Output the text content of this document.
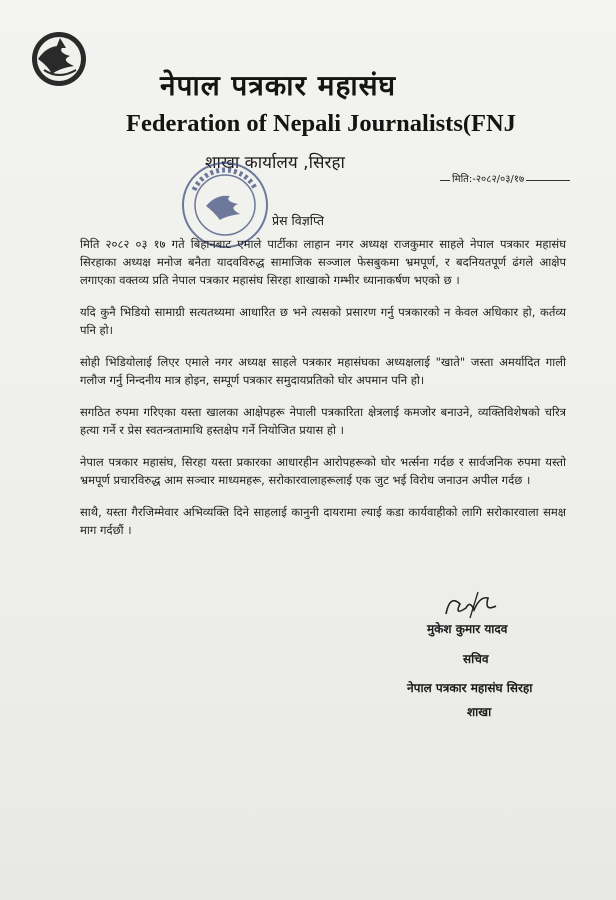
नेपाल पत्रकार महासंघ
Federation of Nepali Journalists(FNJ
शाखा कार्यालय ,सिरहा
मिति:-२०८२/०३/१७
प्रेस विज्ञप्ति

मिति २०८२ ०३ १७ गते बिहानबाट एमाले पार्टीका लाहान नगर अध्यक्ष राजकुमार साहले नेपाल पत्रकार महासंघ सिरहाका अध्यक्ष मनोज बनैता यादवविरुद्ध सामाजिक सञ्जाल फेसबुकमा भ्रमपूर्ण, र बदनियतपूर्ण ढंगले आक्षेप लगाएका वक्तव्य प्रति नेपाल पत्रकार महासंघ सिरहा शाखाको गम्भीर ध्यानाकर्षण भएको छ ।

यदि कुनै भिडियो सामाग्री सत्यतथ्यमा आधारित छ भने त्यसको प्रसारण गर्नु पत्रकारको न केवल अधिकार हो, कर्तव्य पनि हो।

सोही भिडियोलाई लिएर एमाले नगर अध्यक्ष साहले पत्रकार महासंघका अध्यक्षलाई "खाते" जस्ता अमर्यादित गाली गलौज गर्नु निन्दनीय मात्र होइन, सम्पूर्ण पत्रकार समुदायप्रतिको घोर अपमान पनि हो।

सगठित रुपमा गरिएका यस्ता खालका आक्षेपहरू नेपाली पत्रकारिता क्षेत्रलाई कमजोर बनाउने, व्यक्तिविशेषको चरित्र हत्या गर्ने र प्रेस स्वतन्त्रतामाथि हस्तक्षेप गर्ने नियोजित प्रयास हो ।

नेपाल पत्रकार महासंघ, सिरहा यस्ता प्रकारका आधारहीन आरोपहरूको घोर भर्त्सना गर्दछ र सार्वजनिक रुपमा यस्तो भ्रमपूर्ण प्रचारविरुद्ध आम सञ्चार माध्यमहरू, सरोकारवालाहरूलाई एक जुट भई विरोध जनाउन अपील गर्दछ ।

साथै, यस्ता गैरजिम्मेवार अभिव्यक्ति दिने साहलाई कानुनी दायरामा ल्याई कडा कार्यवाहीको लागि सरोकारवाला समक्ष माग गर्दछौं ।

मुकेश कुमार यादव
सचिव
नेपाल पत्रकार महासंघ सिरहा
शाखा
